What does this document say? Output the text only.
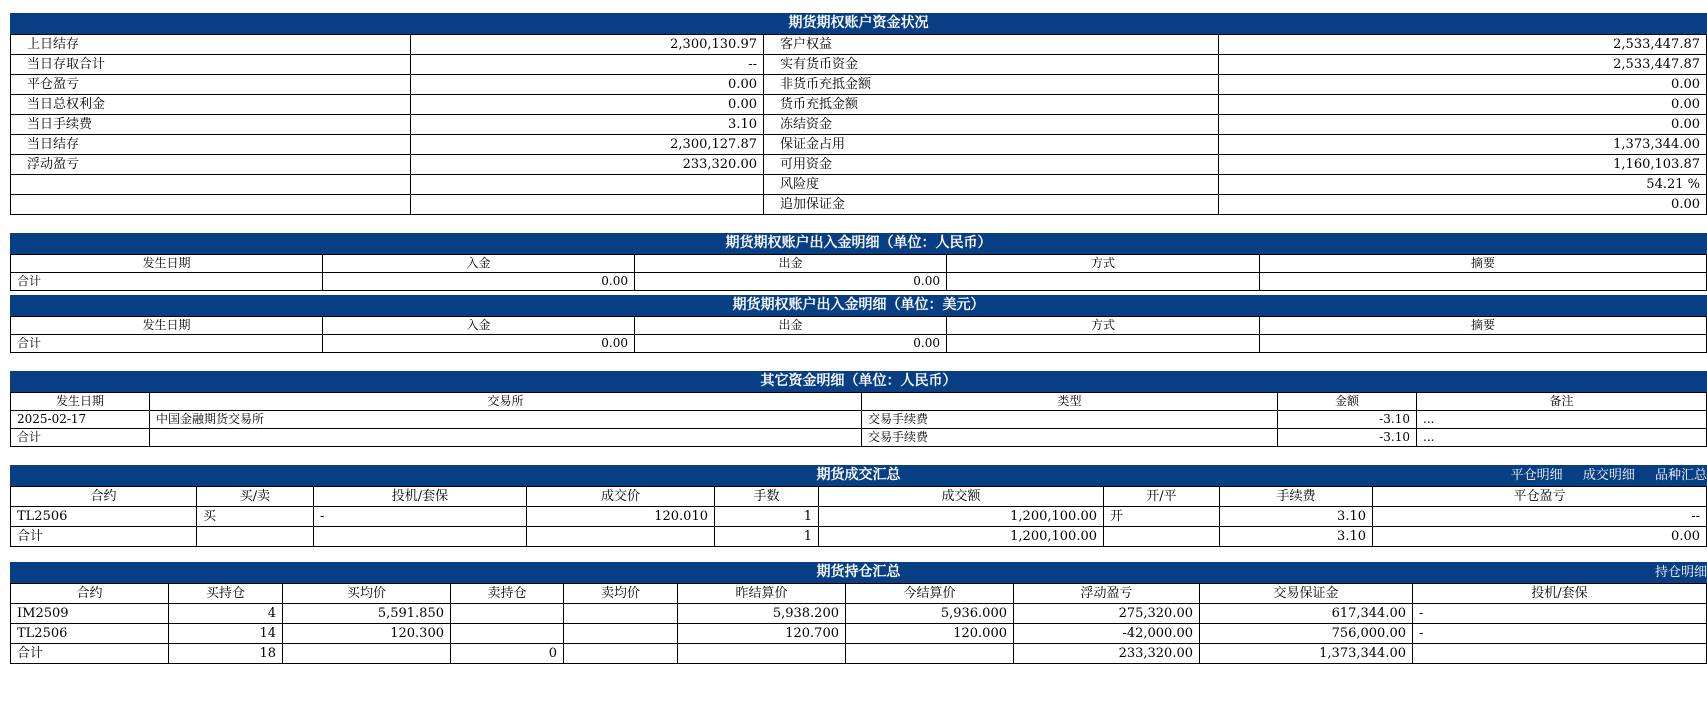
期货期权账户资金状况
上日结存	2,300,130.97	客户权益	2,533,447.87
当日存取合计	--	实有货币资金	2,533,447.87
平仓盈亏	0.00	非货币充抵金额	0.00
当日总权利金	0.00	货币充抵金额	0.00
当日手续费	3.10	冻结资金	0.00
当日结存	2,300,127.87	保证金占用	1,373,344.00
浮动盈亏	233,320.00	可用资金	1,160,103.87
		风险度	54.21 %
		追加保证金	0.00
期货期权账户出入金明细（单位：人民币）
发生日期	入金	出金	方式	摘要
合计	0.00	0.00		
期货期权账户出入金明细（单位：美元）
发生日期	入金	出金	方式	摘要
合计	0.00	0.00		
其它资金明细（单位：人民币）
发生日期	交易所	类型	金额	备注
2025-02-17	中国金融期货交易所	交易手续费	-3.10	...
合计		交易手续费	-3.10	...
期货成交汇总	平仓明细 成交明细 品种汇总
合约	买/卖	投机/套保	成交价	手数	成交额	开/平	手续费	平仓盈亏
TL2506	买	-	120.010	1	1,200,100.00	开	3.10	--
合计				1	1,200,100.00		3.10	0.00
期货持仓汇总	持仓明细
合约	买持仓	买均价	卖持仓	卖均价	昨结算价	今结算价	浮动盈亏	交易保证金	投机/套保
IM2509	4	5,591.850			5,938.200	5,936.000	275,320.00	617,344.00	-
TL2506	14	120.300			120.700	120.000	-42,000.00	756,000.00	-
合计	18		0				233,320.00	1,373,344.00	
